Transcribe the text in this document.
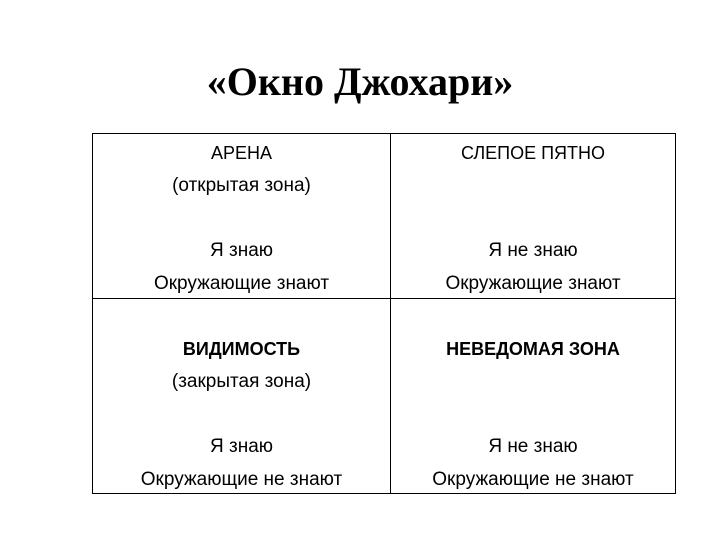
«Окно Джохари»
АРЕНА
(открытая зона)
Я знаю
Окружающие знают
СЛЕПОЕ ПЯТНО
Я не знаю
Окружающие знают
ВИДИМОСТЬ
(закрытая зона)
Я знаю
Окружающие не знают
НЕВЕДОМАЯ ЗОНА
Я не знаю
Окружающие не знают
